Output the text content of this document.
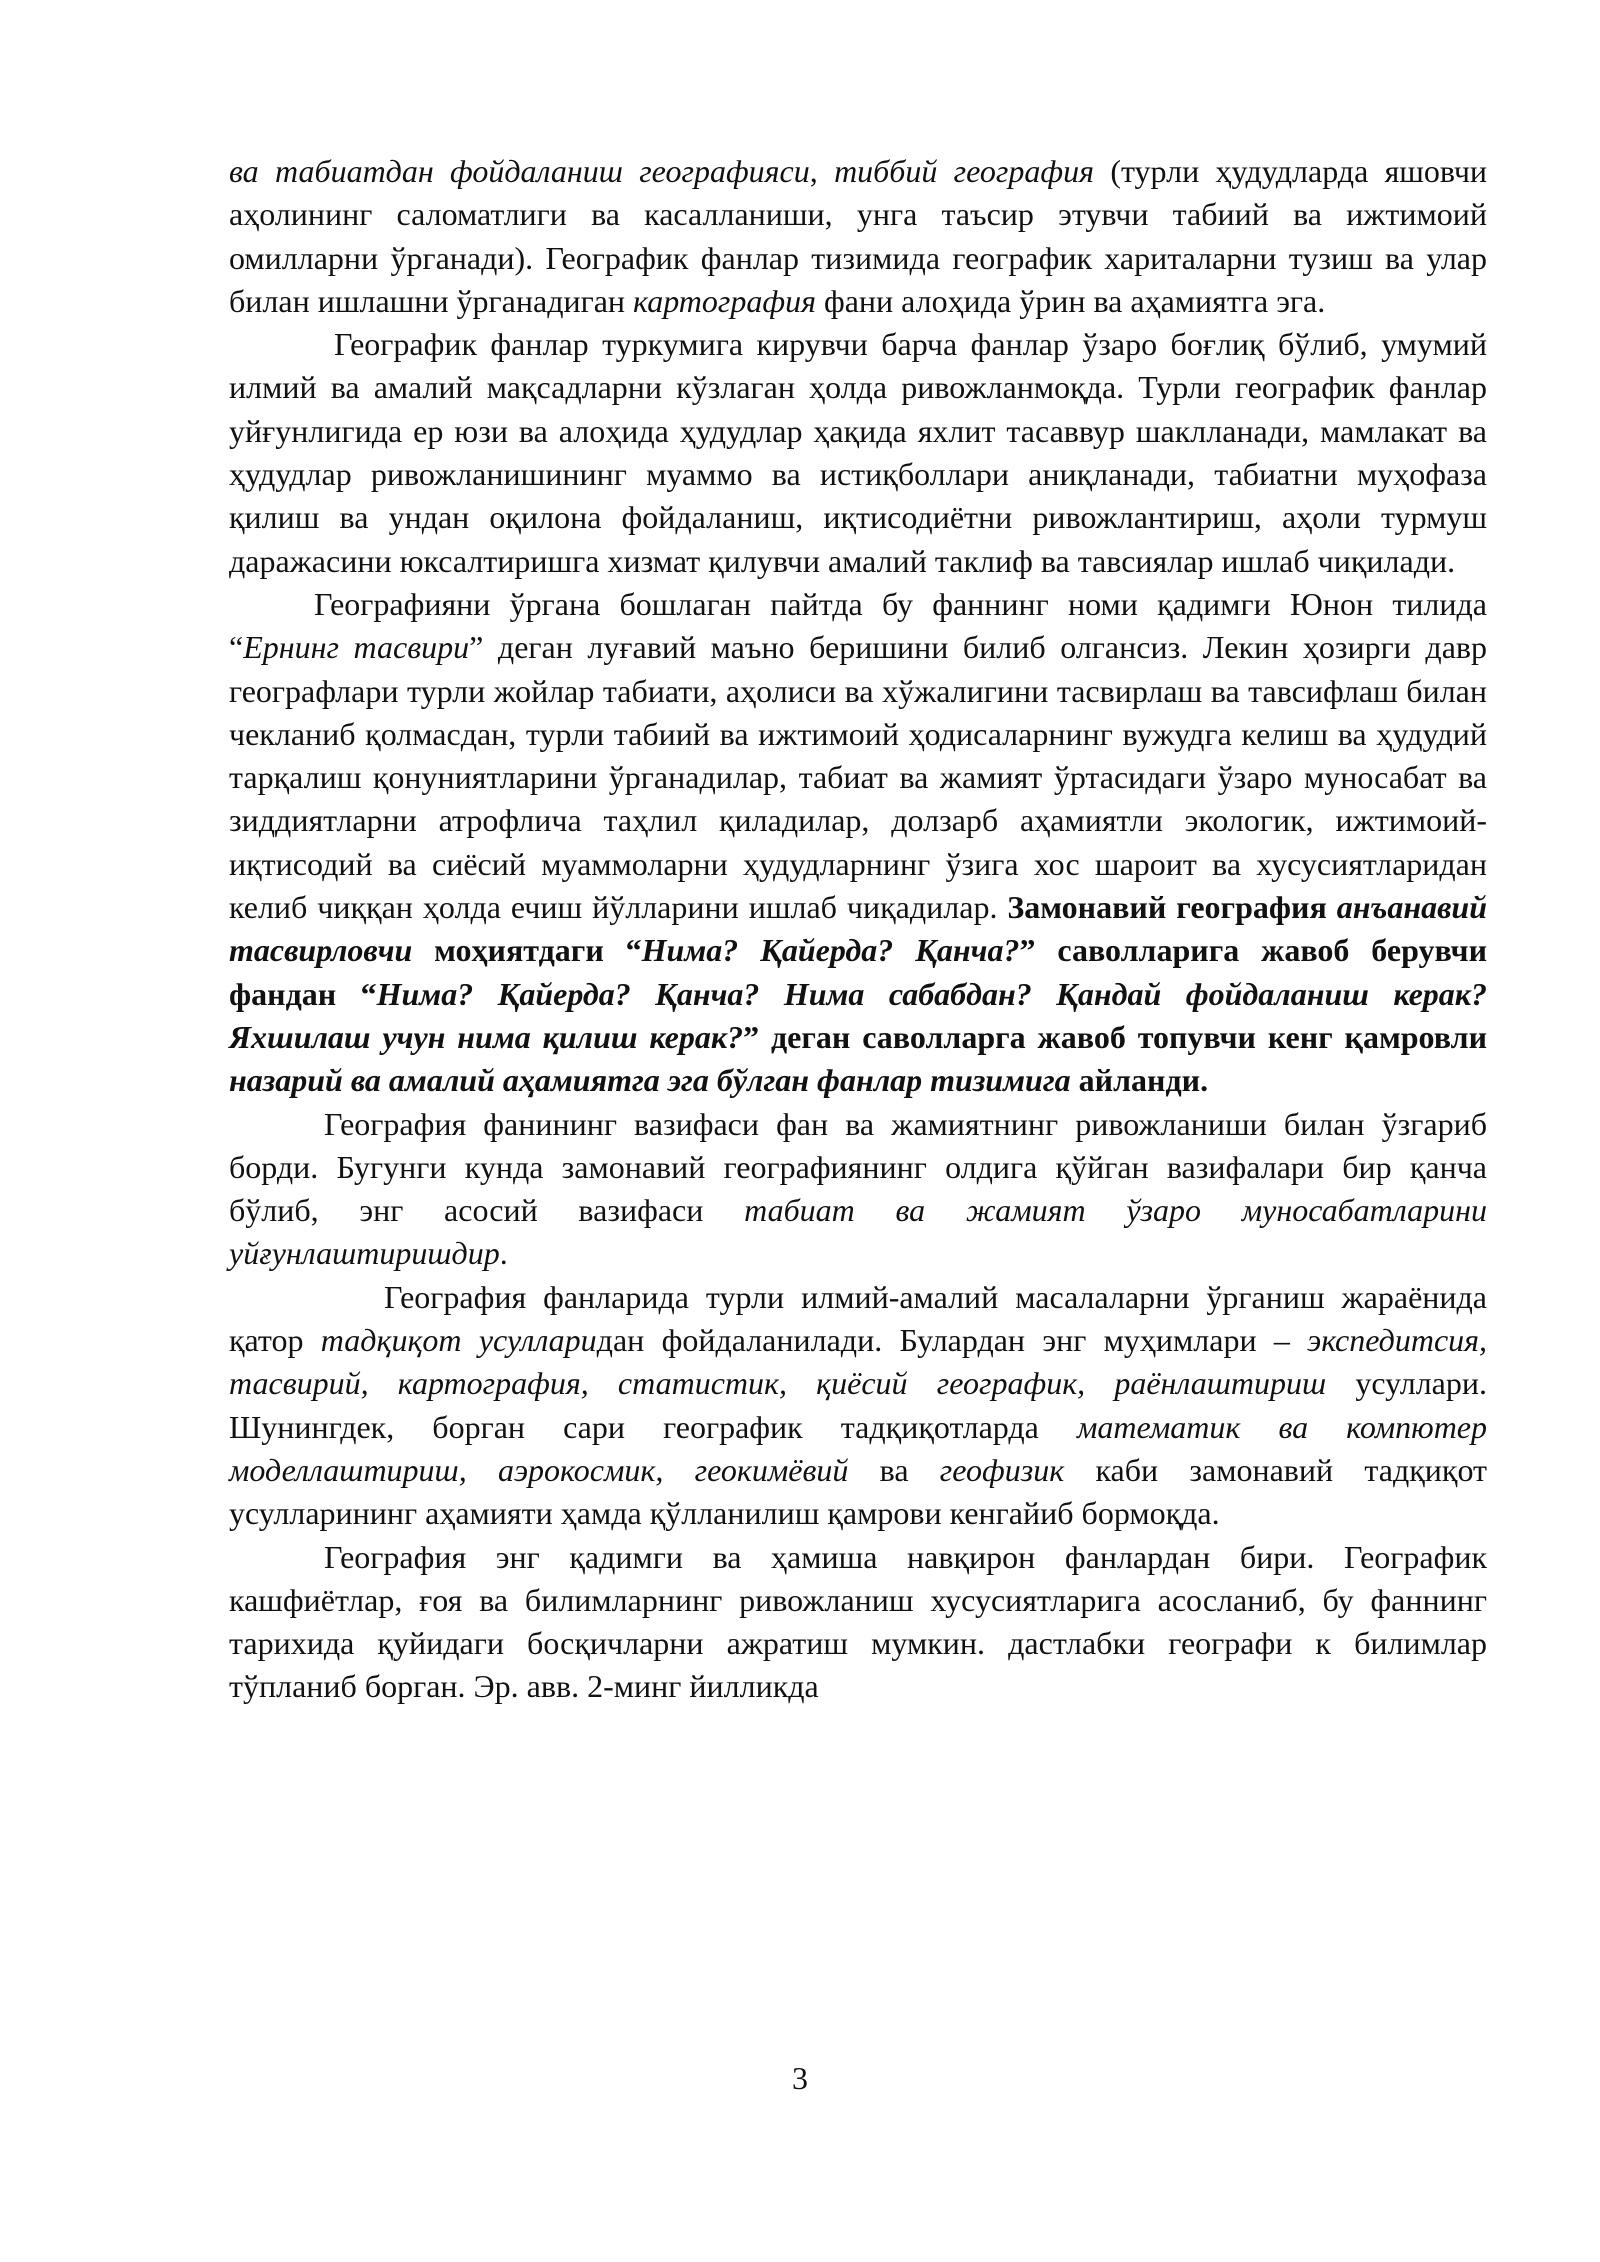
ва табиатдан фойдаланиш географияси, тиббий география (турли ҳудудларда яшовчи аҳолининг саломатлиги ва касалланиши, унга таъсир этувчи табиий ва ижтимоий омилларни ўрганади). Географик фанлар тизимида географик хариталарни тузиш ва улар билан ишлашни ўрганадиган картография фани алоҳида ўрин ва аҳамиятга эга.

Географик фанлар туркумига кирувчи барча фанлар ўзаро боғлиқ бўлиб, умумий илмий ва амалий мақсадларни кўзлаган ҳолда ривожланмоқда. Турли географик фанлар уйғунлигида ер юзи ва алоҳида ҳудудлар ҳақида яхлит тасаввур шаклланади, мамлакат ва ҳудудлар ривожланишининг муаммо ва истиқболлари аниқланади, табиатни муҳофаза қилиш ва ундан оқилона фойдаланиш, иқтисодиётни ривожлантириш, аҳоли турмуш даражасини юксалтиришга хизмат қилувчи амалий таклиф ва тавсиялар ишлаб чиқилади.

Географияни ўргана бошлаган пайтда бу фаннинг номи қадимги Юнон тилида “Ернинг тасвири” деган луғавий маъно беришини билиб олгансиз. Лекин ҳозирги давр географлари турли жойлар табиати, аҳолиси ва хўжалигини тасвирлаш ва тавсифлаш билан чекланиб қолмасдан, турли табиий ва ижтимоий ҳодисаларнинг вужудга келиш ва ҳудудий тарқалиш қонуниятларини ўрганадилар, табиат ва жамият ўртасидаги ўзаро муносабат ва зиддиятларни атрофлича таҳлил қиладилар, долзарб аҳамиятли экологик, ижтимоий-иқтисодий ва сиёсий муаммоларни ҳудудларнинг ўзига хос шароит ва хусусиятларидан келиб чиққан ҳолда ечиш йўлларини ишлаб чиқадилар. Замонавий география анъанавий тасвирловчи моҳиятдаги “Нима? Қайерда? Қанча?” саволларига жавоб берувчи фандан “Нима? Қайерда? Қанча? Нима сабабдан? Қандай фойдаланиш керак? Яхшилаш учун нима қилиш керак?” деган саволларга жавоб топувчи кенг қамровли назарий ва амалий аҳамиятга эга бўлган фанлар тизимига айланди.

География фанининг вазифаси фан ва жамиятнинг ривожланиши билан ўзгариб борди. Бугунги кунда замонавий географиянинг олдига қўйган вазифалари бир қанча бўлиб, энг асосий вазифаси табиат ва жамият ўзаро муносабатларини уйғунлаштиришдир.

География фанларида турли илмий-амалий масалаларни ўрганиш жараёнида қатор тадқиқот усулларидан фойдаланилади. Булардан энг муҳимлари – экспедитсия, тасвирий, картография, статистик, қиёсий географик, раёнлаштириш усуллари. Шунингдек, борган сари географик тадқиқотларда математик ва компютер моделлаштириш, аэрокосмик, геокимёвий ва геофизик каби замонавий тадқиқот усулларининг аҳамияти ҳамда қўлланилиш қамрови кенгайиб бормоқда.

География энг қадимги ва ҳамиша навқирон фанлардан бири. Географик кашфиётлар, ғоя ва билимларнинг ривожланиш хусусиятларига асосланиб, бу фаннинг тарихида қуйидаги босқичларни ажратиш мумкин. дастлабки географи к билимлар тўпланиб борган. Эр. авв. 2-минг йилликда

3
